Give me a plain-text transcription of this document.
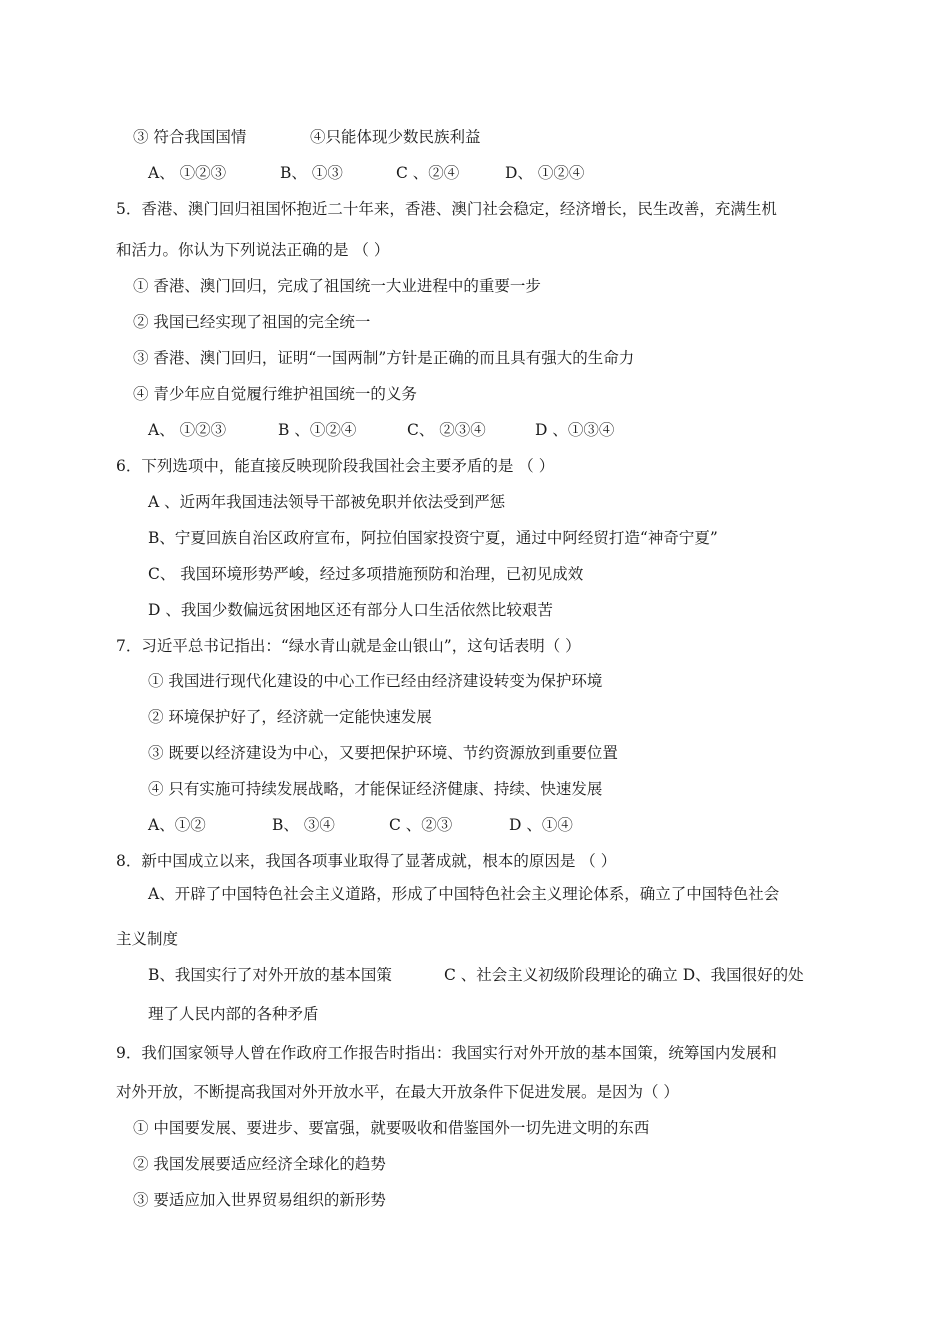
③ 符合我国国情	④只能体现少数民族利益
A、 ①②③	B、 ①③	C 、②④	D、 ①②④
5．香港、澳门回归祖国怀抱近二十年来，香港、澳门社会稳定，经济增长，民生改善，充满生机
和活力。你认为下列说法正确的是 （ ）
① 香港、澳门回归，完成了祖国统一大业进程中的重要一步
② 我国已经实现了祖国的完全统一
③ 香港、澳门回归，证明“一国两制”方针是正确的而且具有强大的生命力
④ 青少年应自觉履行维护祖国统一的义务
A、 ①②③	B 、①②④	C、 ②③④	D 、①③④
6．下列选项中，能直接反映现阶段我国社会主要矛盾的是 （ ）
A 、近两年我国违法领导干部被免职并依法受到严惩
B、宁夏回族自治区政府宣布，阿拉伯国家投资宁夏，通过中阿经贸打造“神奇宁夏”
C、 我国环境形势严峻，经过多项措施预防和治理，已初见成效
D 、我国少数偏远贫困地区还有部分人口生活依然比较艰苦
7．习近平总书记指出：“绿水青山就是金山银山”，这句话表明（ ）
① 我国进行现代化建设的中心工作已经由经济建设转变为保护环境
② 环境保护好了，经济就一定能快速发展
③ 既要以经济建设为中心，又要把保护环境、节约资源放到重要位置
④ 只有实施可持续发展战略，才能保证经济健康、持续、快速发展
A、①②	B、 ③④	C 、②③	D 、①④
8．新中国成立以来，我国各项事业取得了显著成就，根本的原因是 （ ）
A、开辟了中国特色社会主义道路，形成了中国特色社会主义理论体系，确立了中国特色社会
主义制度
B、我国实行了对外开放的基本国策	C 、社会主义初级阶段理论的确立 D、我国很好的处
理了人民内部的各种矛盾
9．我们国家领导人曾在作政府工作报告时指出：我国实行对外开放的基本国策，统筹国内发展和
对外开放，不断提高我国对外开放水平，在最大开放条件下促进发展。是因为（ ）
① 中国要发展、要进步、要富强，就要吸收和借鉴国外一切先进文明的东西
② 我国发展要适应经济全球化的趋势
③ 要适应加入世界贸易组织的新形势
